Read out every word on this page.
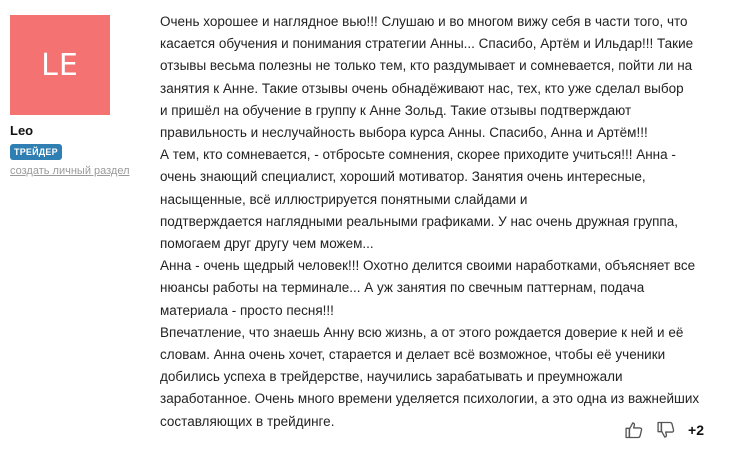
LE
Leo
ТРЕЙДЕР
создать личный раздел

Очень хорошее и наглядное вью!!! Слушаю и во многом вижу себя в части того, что

касается обучения и понимания стратегии Анны... Спасибо, Артём и Ильдар!!! Такие

отзывы весьма полезны не только тем, кто раздумывает и сомневается, пойти ли на

занятия к Анне. Такие отзывы очень обнадёживают нас, тех, кто уже сделал выбор

и пришёл на обучение в группу к Анне Зольд. Такие отзывы подтверждают

правильность и неслучайность выбора курса Анны. Спасибо, Анна и Артём!!!

А тем, кто сомневается, - отбросьте сомнения, скорее приходите учиться!!! Анна -

очень знающий специалист, хороший мотиватор. Занятия очень интересные,

насыщенные, всё иллюстрируется понятными слайдами и

подтверждается наглядными реальными графиками. У нас очень дружная группа,

помогаем друг другу чем можем...

Анна - очень щедрый человек!!! Охотно делится своими наработками, объясняет все

нюансы работы на терминале... А уж занятия по свечным паттернам, подача

материала - просто песня!!!

Впечатление, что знаешь Анну всю жизнь, а от этого рождается доверие к ней и её

словам. Анна очень хочет, старается и делает всё возможное, чтобы её ученики

добились успеха в трейдерстве, научились зарабатывать и преумножали

заработанное. Очень много времени уделяется психологии, а это одна из важнейших

составляющих в трейдинге.

+2
